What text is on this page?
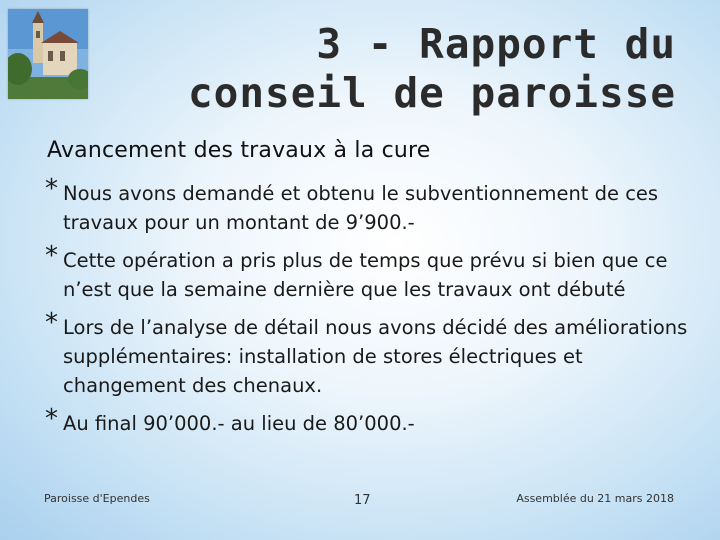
3 - Rapport du conseil de paroisse
Avancement des travaux à la cure
* Nous avons demandé et obtenu le subventionnement de ces travaux pour un montant de 9’900.-
* Cette opération a pris plus de temps que prévu si bien que ce n’est que la semaine dernière que les travaux ont débuté
* Lors de l’analyse de détail nous avons décidé des améliorations supplémentaires: installation de stores électriques et changement des chenaux.
* Au final 90’000.- au lieu de 80’000.-
Paroisse d'Ependes	17	Assemblée du 21 mars 2018
